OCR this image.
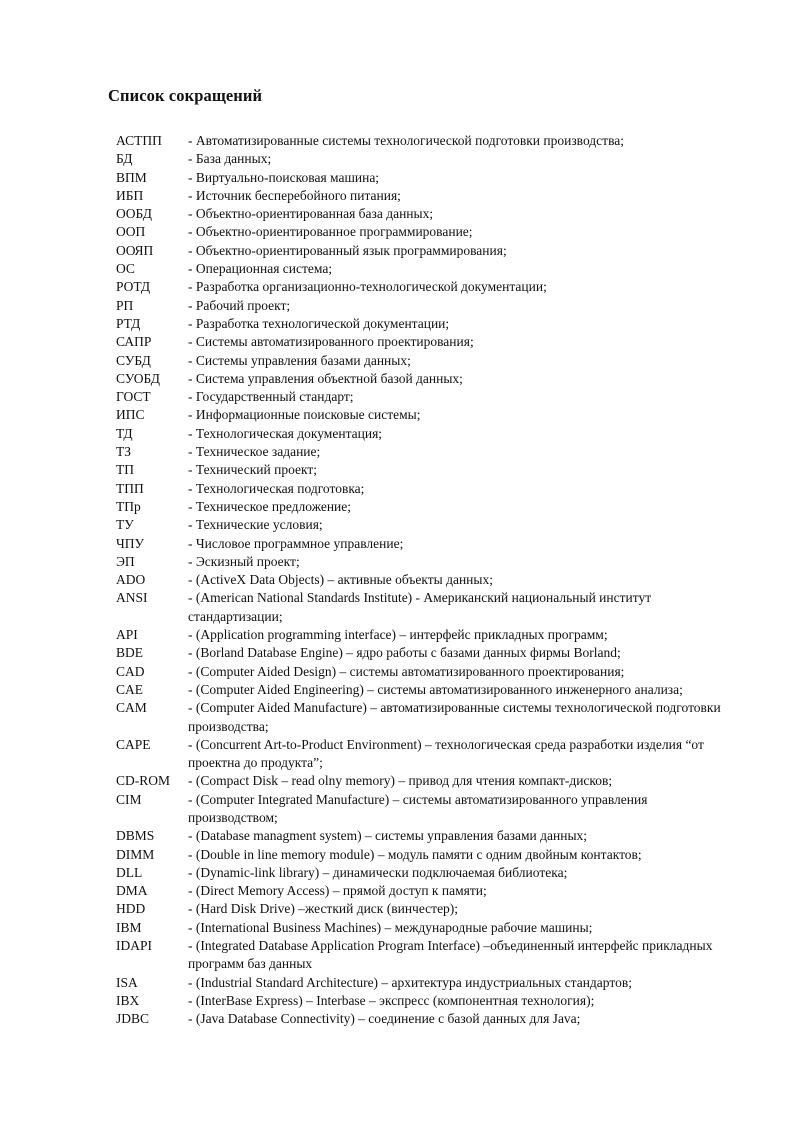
Список сокращений
АСТПП	- Автоматизированные системы технологической подготовки производства;
БД	- База данных;
ВПМ	- Виртуально-поисковая машина;
ИБП	- Источник бесперебойного питания;
ООБД	- Объектно-ориентированная база данных;
ООП	- Объектно-ориентированное программирование;
ООЯП	- Объектно-ориентированный язык программирования;
ОС	- Операционная система;
РОТД	- Разработка организационно-технологической документации;
РП	- Рабочий проект;
РТД	- Разработка технологической документации;
САПР	- Системы автоматизированного проектирования;
СУБД	- Системы управления базами данных;
СУОБД	- Система управления объектной базой данных;
ГОСТ	- Государственный стандарт;
ИПС	- Информационные поисковые системы;
ТД	- Технологическая документация;
ТЗ	- Техническое задание;
ТП	- Технический проект;
ТПП	- Технологическая подготовка;
ТПр	- Техническое предложение;
ТУ	- Технические условия;
ЧПУ	- Числовое программное управление;
ЭП	- Эскизный проект;
ADO	- (ActiveX Data Objects) – активные объекты данных;
ANSI	- (American National Standards Institute) - Американский национальный институт стандартизации;
API	- (Application programming interface) – интерфейс прикладных программ;
BDE	- (Borland Database Engine) – ядро работы с базами данных фирмы Borland;
CAD	- (Computer Aided Design) – системы автоматизированного проектирования;
CAE	- (Computer Aided Engineering) – системы автоматизированного инженерного анализа;
CAM	- (Computer Aided Manufacture) – автоматизированные системы технологической подготовки производства;
CAPE	- (Concurrent Art-to-Product Environment) – технологическая среда разработки изделия “от проектна до продукта”;
CD-ROM	- (Compact Disk – read olny memory) – привод для чтения компакт-дисков;
CIM	- (Computer Integrated Manufacture) – системы автоматизированного управления производством;
DBMS	- (Database managment system) – системы управления базами данных;
DIMM	- (Double in line memory module) – модуль памяти с одним двойным контактов;
DLL	- (Dynamic-link library) – динамически подключаемая библиотека;
DMA	- (Direct Memory Access) – прямой доступ к памяти;
HDD	- (Hard Disk Drive) –жесткий диск (винчестер);
IBM	- (International Business Machines) – международные рабочие машины;
IDAPI	- (Integrated Database Application Program Interface) –объединенный интерфейс прикладных программ баз данных
ISA	- (Industrial Standard Architecture) – архитектура индустриальных стандартов;
IBX	- (InterBase Express) – Interbase – экспресс (компонентная технология);
JDBC	- (Java Database Connectivity) – соединение с базой данных для Java;
